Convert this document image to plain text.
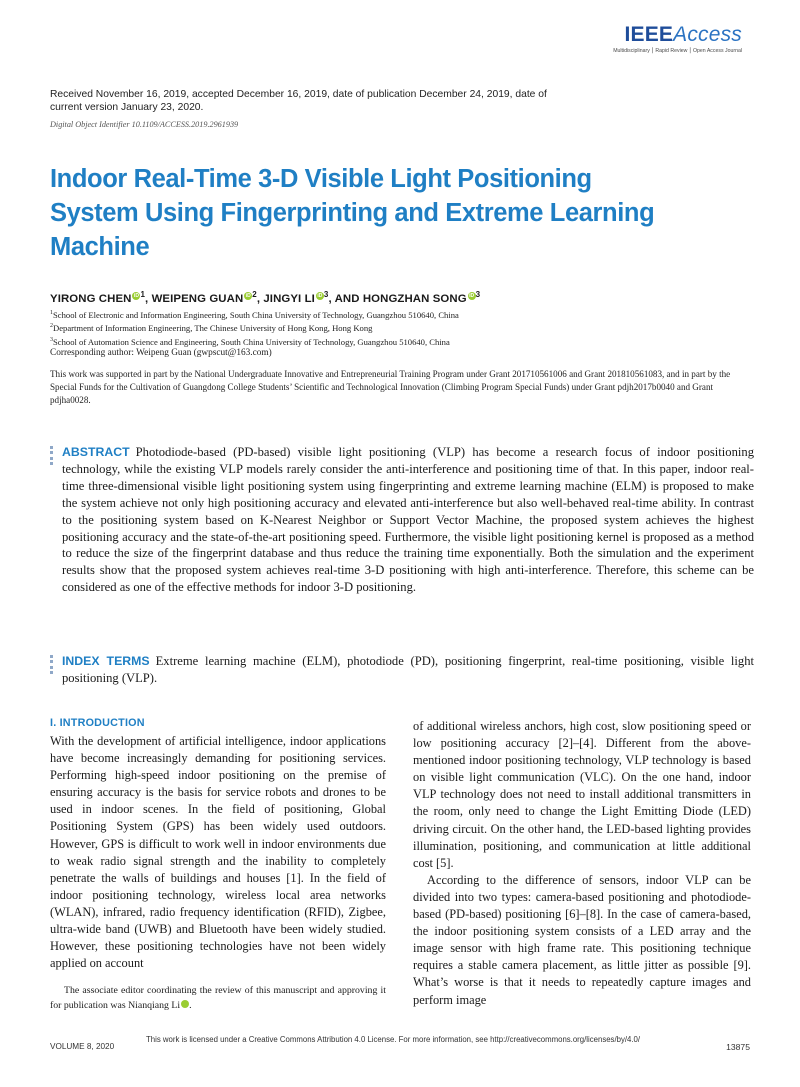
IEEEAccess
Multidisciplinary ⎮ Rapid Review ⎮ Open Access Journal
Received November 16, 2019, accepted December 16, 2019, date of publication December 24, 2019, date of current version January 23, 2020.
Digital Object Identifier 10.1109/ACCESS.2019.2961939
Indoor Real-Time 3-D Visible Light Positioning System Using Fingerprinting and Extreme Learning Machine
YIRONG CHEN $iD^1$, WEIPENG GUAN $iD^2$, JINGYI LI $iD^3$, AND HONGZHAN SONG $iD^3$
$^1$School of Electronic and Information Engineering, South China University of Technology, Guangzhou 510640, China
$^2$Department of Information Engineering, The Chinese University of Hong Kong, Hong Kong
$^3$School of Automation Science and Engineering, South China University of Technology, Guangzhou 510640, China
Corresponding author: Weipeng Guan (gwpscut@163.com)
This work was supported in part by the National Undergraduate Innovative and Entrepreneurial Training Program under Grant 201710561006 and Grant 201810561083, and in part by the Special Funds for the Cultivation of Guangdong College Students’ Scientific and Technological Innovation (Climbing Program Special Funds) under Grant pdjh2017b0040 and Grant pdjha0028.
ABSTRACT Photodiode-based (PD-based) visible light positioning (VLP) has become a research focus of indoor positioning technology, while the existing VLP models rarely consider the anti-interference and positioning time of that. In this paper, indoor real-time three-dimensional visible light positioning system using fingerprinting and extreme learning machine (ELM) is proposed to make the system achieve not only high positioning accuracy and elevated anti-interference but also well-behaved real-time ability. In contrast to the positioning system based on K-Nearest Neighbor or Support Vector Machine, the proposed system achieves the highest positioning accuracy and the state-of-the-art positioning speed. Furthermore, the visible light positioning kernel is proposed as a method to reduce the size of the fingerprint database and thus reduce the training time exponentially. Both the simulation and the experiment results show that the proposed system achieves real-time 3-D positioning with high anti-interference. Therefore, this scheme can be considered as one of the effective methods for indoor 3-D positioning.
INDEX TERMS Extreme learning machine (ELM), photodiode (PD), positioning fingerprint, real-time positioning, visible light positioning (VLP).
I. INTRODUCTION

With the development of artificial intelligence, indoor applications have become increasingly demanding for positioning services. Performing high-speed indoor positioning on the premise of ensuring accuracy is the basis for service robots and drones to be used in indoor scenes. In the field of positioning, Global Positioning System (GPS) has been widely used outdoors. However, GPS is difficult to work well in indoor environments due to weak radio signal strength and the inability to completely penetrate the walls of buildings and houses [1]. In the field of indoor positioning technology, wireless local area networks (WLAN), infrared, radio frequency identification (RFID), Zigbee, ultra-wide band (UWB) and Bluetooth have been widely studied. However, these positioning technologies have not been widely applied on account

of additional wireless anchors, high cost, slow positioning speed or low positioning accuracy [2]–[4]. Different from the above-mentioned indoor positioning technology, VLP technology is based on visible light communication (VLC). On the one hand, indoor VLP technology does not need to install additional transmitters in the room, only need to change the Light Emitting Diode (LED) driving circuit. On the other hand, the LED-based lighting provides illumination, positioning, and communication at little additional cost [5].

According to the difference of sensors, indoor VLP can be divided into two types: camera-based positioning and photodiode-based (PD-based) positioning [6]–[8]. In the case of camera-based, the indoor positioning system consists of a LED array and the image sensor with high frame rate. This positioning technique requires a stable camera placement, as little jitter as possible [9]. What’s worse is that it needs to repeatedly capture images and perform image

The associate editor coordinating the review of this manuscript and approving it for publication was Nianqiang Li	iD.

VOLUME 8, 2020
This work is licensed under a Creative Commons Attribution 4.0 License. For more information, see http://creativecommons.org/licenses/by/4.0/
13875
